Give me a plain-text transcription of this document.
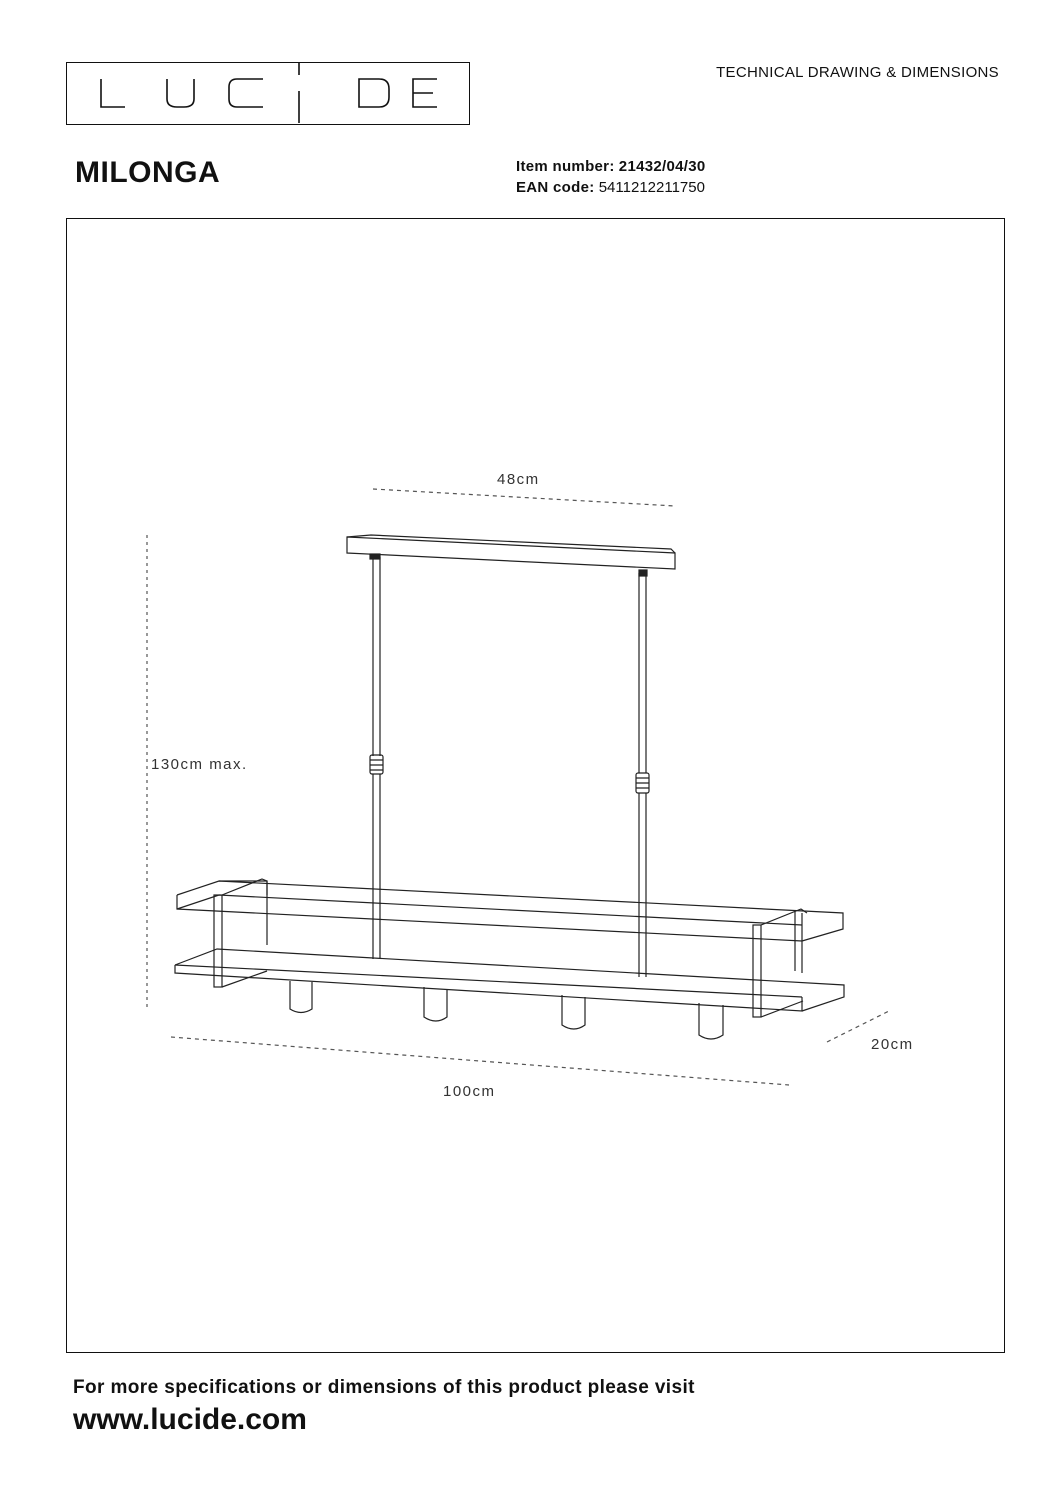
TECHNICAL DRAWING & DIMENSIONS
MILONGA	Item number: 21432/04/30
EAN code: 5411212211750
48cm
130cm max.
100cm
20cm
For more specifications or dimensions of this product please visit
www.lucide.com
